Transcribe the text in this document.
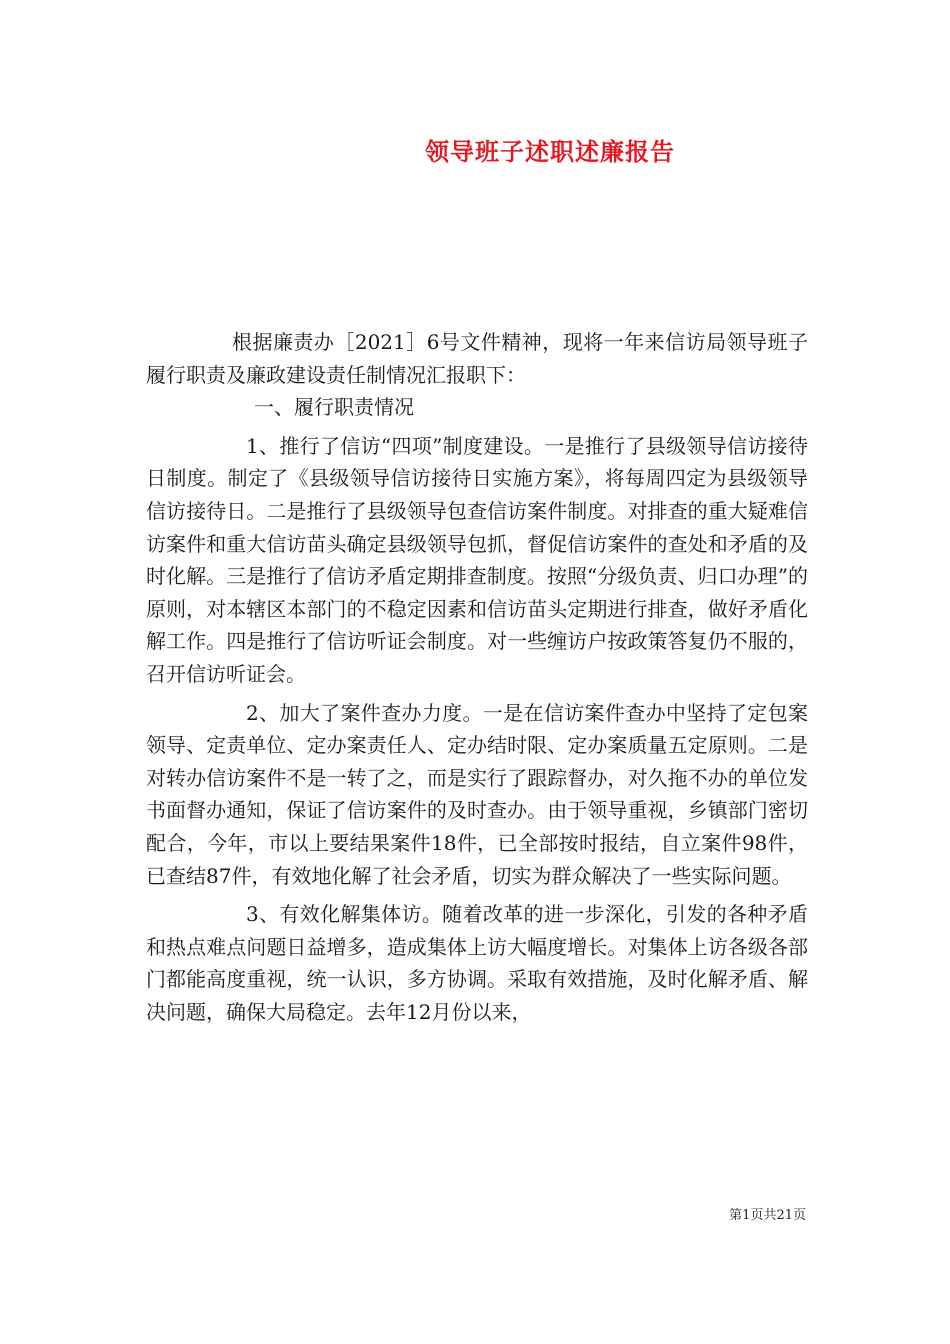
领导班子述职述廉报告

根据廉责办［2021］6号文件精神，现将一年来信访局领导班子履行职责及廉政建设责任制情况汇报职下：

一、履行职责情况

1、推行了信访“四项”制度建设。一是推行了县级领导信访接待日制度。制定了《县级领导信访接待日实施方案》，将每周四定为县级领导信访接待日。二是推行了县级领导包查信访案件制度。对排查的重大疑难信访案件和重大信访苗头确定县级领导包抓，督促信访案件的查处和矛盾的及时化解。三是推行了信访矛盾定期排查制度。按照“分级负责、归口办理”的原则，对本辖区本部门的不稳定因素和信访苗头定期进行排查，做好矛盾化解工作。四是推行了信访听证会制度。对一些缠访户按政策答复仍不服的，召开信访听证会。

2、加大了案件查办力度。一是在信访案件查办中坚持了定包案领导、定责单位、定办案责任人、定办结时限、定办案质量五定原则。二是对转办信访案件不是一转了之，而是实行了跟踪督办，对久拖不办的单位发书面督办通知，保证了信访案件的及时查办。由于领导重视，乡镇部门密切配合，今年，市以上要结果案件18件，已全部按时报结，自立案件98件，已查结87件，有效地化解了社会矛盾，切实为群众解决了一些实际问题。

3、有效化解集体访。随着改革的进一步深化，引发的各种矛盾和热点难点问题日益增多，造成集体上访大幅度增长。对集体上访各级各部门都能高度重视，统一认识，多方协调。采取有效措施，及时化解矛盾、解决问题，确保大局稳定。去年12月份以来，

第1页共21页
